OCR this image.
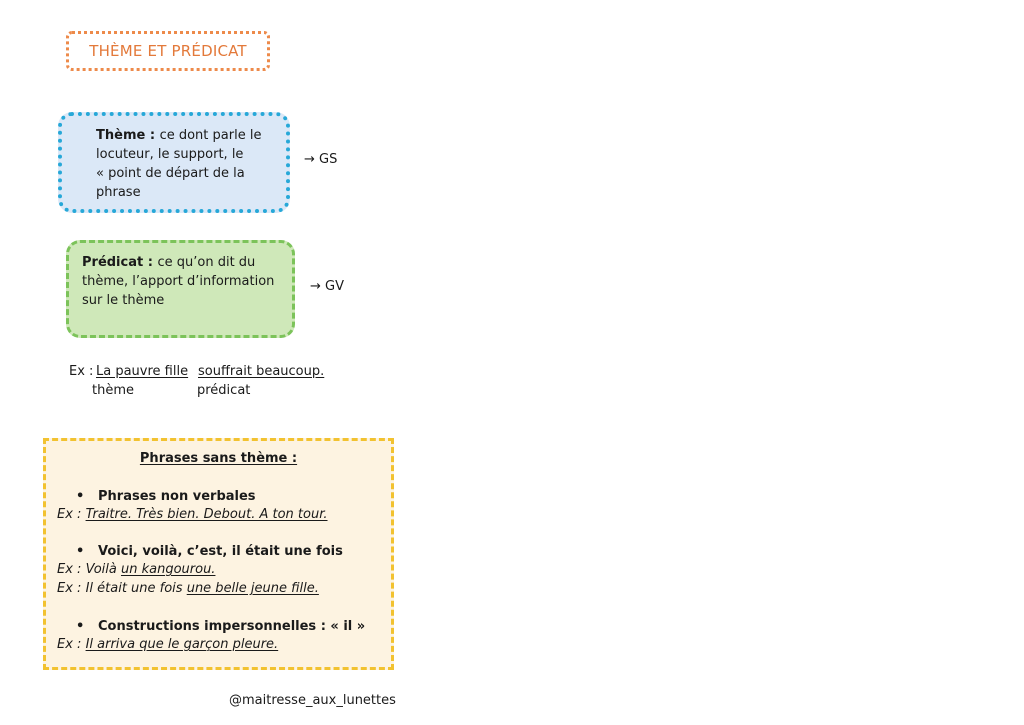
THÈME ET PRÉDICAT
Thème : ce dont parle le
locuteur, le support, le
« point de départ de la
phrase
→ GS
Prédicat : ce qu’on dit du
thème, l’apport d’information
sur le thème
→ GV
Ex : La pauvre fille souffrait beaucoup.
thème	prédicat
Phrases sans thème :
• Phrases non verbales
Ex : Traitre. Très bien. Debout. A ton tour.
• Voici, voilà, c’est, il était une fois
Ex : Voilà un kangourou.
Ex : Il était une fois une belle jeune fille.
• Constructions impersonnelles : « il »
Ex : Il arriva que le garçon pleure.
@maitresse_aux_lunettes
